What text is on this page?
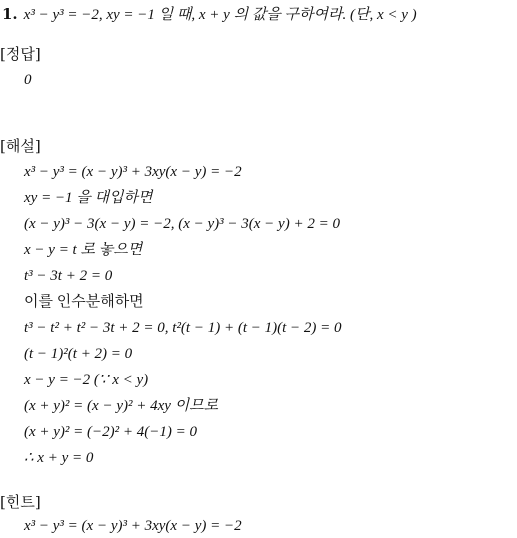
1. x³ − y³ = −2, xy = −1 일 때, x + y 의 값을 구하여라. (단, x < y )
[정답]
0
[해설]
x³ − y³ = (x − y)³ + 3xy(x − y) = −2
xy = −1 을 대입하면
(x − y)³ − 3(x − y) = −2, (x − y)³ − 3(x − y) + 2 = 0
x − y = t 로 놓으면
t³ − 3t + 2 = 0
이를 인수분해하면
t³ − t² + t² − 3t + 2 = 0, t²(t − 1) + (t − 1)(t − 2) = 0
(t − 1)²(t + 2) = 0
x − y = −2 (∵ x < y)
(x + y)² = (x − y)² + 4xy 이므로
(x + y)² = (−2)² + 4(−1) = 0
∴ x + y = 0
[힌트]
x³ − y³ = (x − y)³ + 3xy(x − y) = −2
